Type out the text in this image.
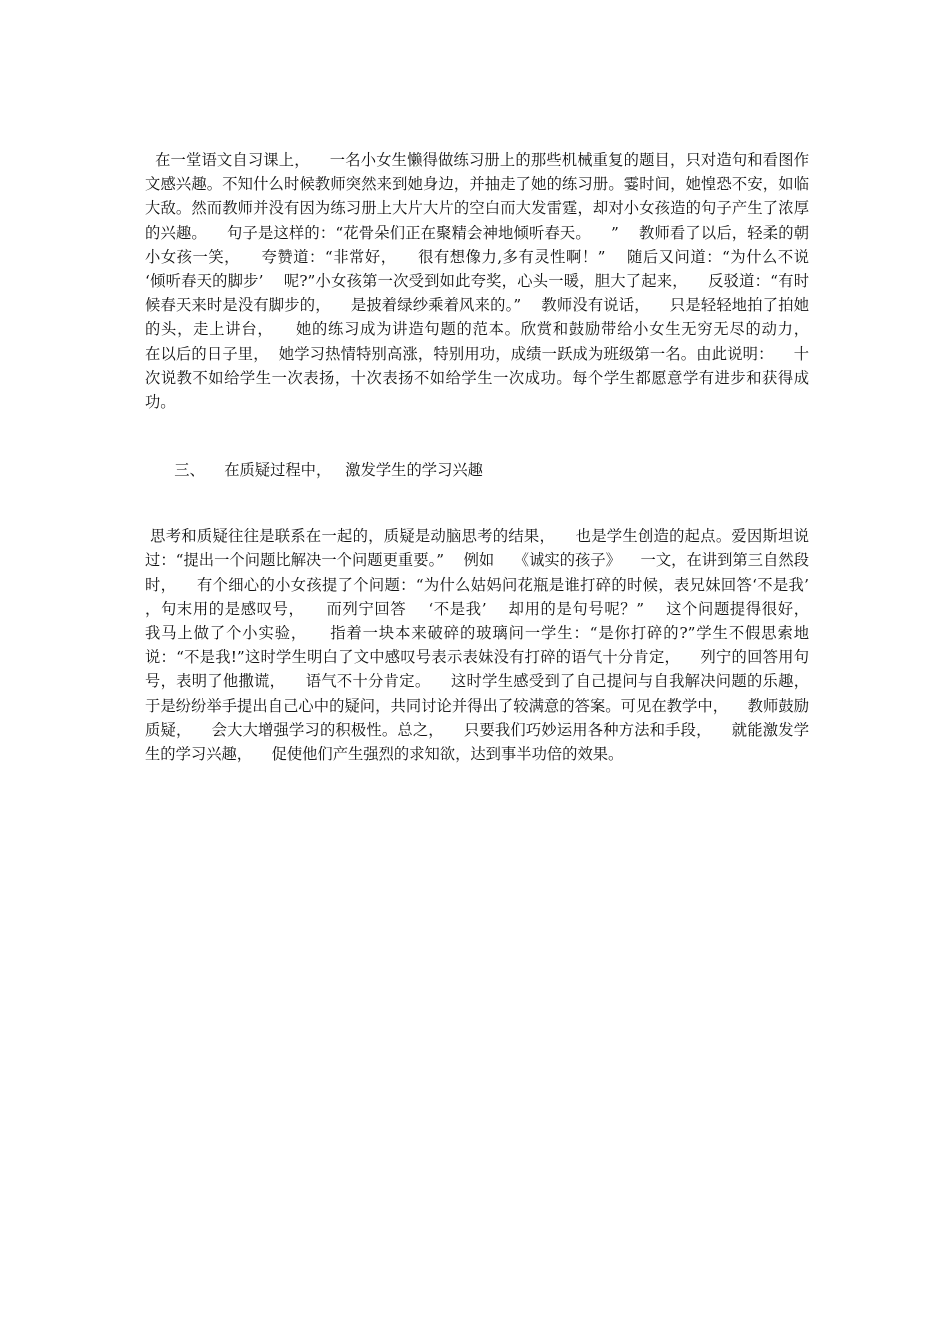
在一堂语文自习课上，    一名小女生懒得做练习册上的那些机械重复的题目，只对造句和看图作文感兴趣。不知什么时候教师突然来到她身边，并抽走了她的练习册。霎时间，她惶恐不安，如临大敌。然而教师并没有因为练习册上大片大片的空白而大发雷霆，却对小女孩造的句子产生了浓厚的兴趣。    句子是这样的：“花骨朵们正在聚精会神地倾听春天。    ”    教师看了以后，轻柔的朝小女孩一笑，    夸赞道：“非常好，    很有想像力,多有灵性啊！”    随后又问道：“为什么不说    ‘倾听春天的脚步’    呢?”小女孩第一次受到如此夸奖，心头一暖，胆大了起来，    反驳道：“有时候春天来时是没有脚步的，    是披着绿纱乘着风来的。”    教师没有说话，    只是轻轻地拍了拍她的头，走上讲台，    她的练习成为讲造句题的范本。欣赏和鼓励带给小女生无穷无尽的动力，    在以后的日子里，  她学习热情特别高涨，特别用功，成绩一跃成为班级第一名。由此说明：    十次说教不如给学生一次表扬，十次表扬不如给学生一次成功。每个学生都愿意学有进步和获得成功。

三、 在质疑过程中， 激发学生的学习兴趣

思考和质疑往往是联系在一起的，质疑是动脑思考的结果，    也是学生创造的起点。爱因斯坦说过：“提出一个问题比解决一个问题更重要。”    例如    《诚实的孩子》    一文，在讲到第三自然段时，    有个细心的小女孩提了个问题：“为什么姑妈问花瓶是谁打碎的时候，表兄妹回答‘不是我’    ，句末用的是感叹号，    而列宁回答    ‘不是我’    却用的是句号呢？”    这个问题提得很好，    我马上做了个小实验，    指着一块本来破碎的玻璃问一学生：“是你打碎的?”学生不假思索地说：“不是我!”这时学生明白了文中感叹号表示表妹没有打碎的语气十分肯定，    列宁的回答用句号，表明了他撒谎，    语气不十分肯定。    这时学生感受到了自己提问与自我解决问题的乐趣，于是纷纷举手提出自己心中的疑问，共同讨论并得出了较满意的答案。可见在教学中，    教师鼓励质疑，    会大大增强学习的积极性。总之，    只要我们巧妙运用各种方法和手段，    就能激发学生的学习兴趣，    促使他们产生强烈的求知欲，达到事半功倍的效果。
